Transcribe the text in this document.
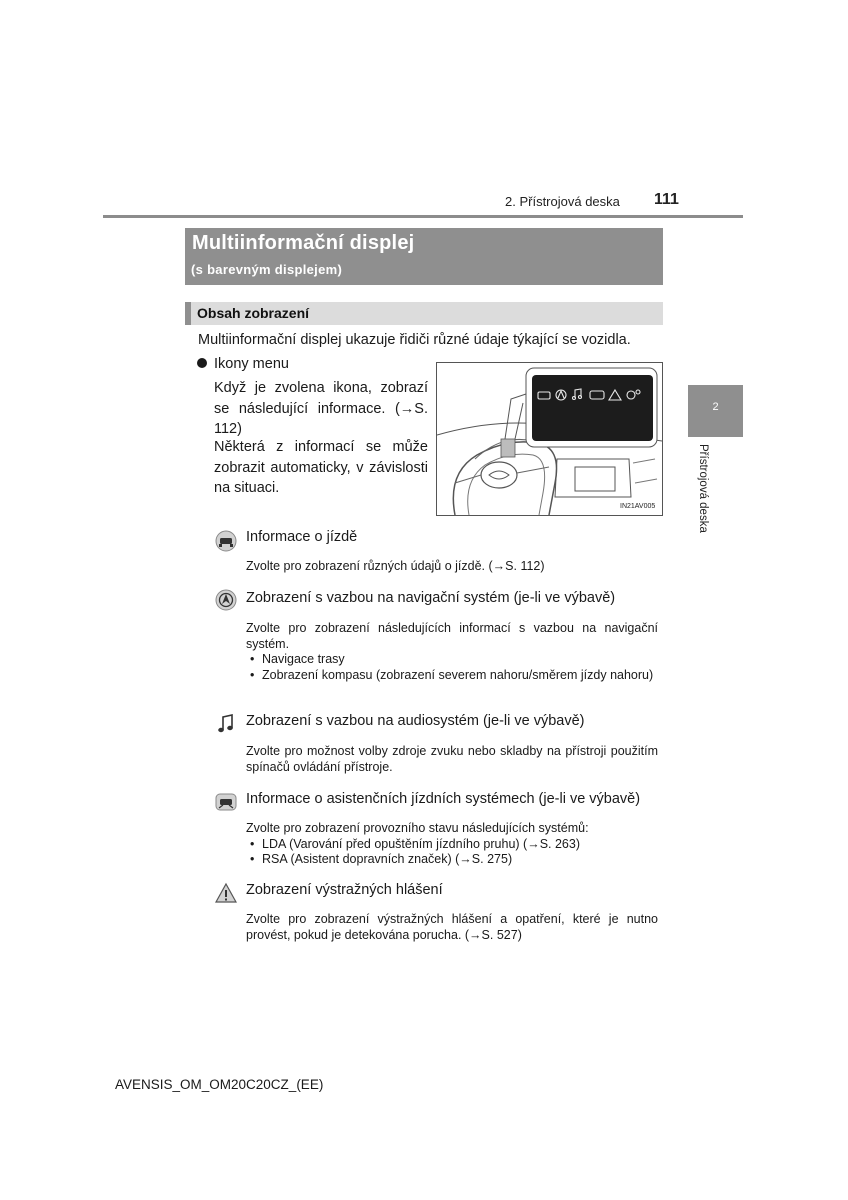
2. Přístrojová deska 111
Multiinformační displej
(s barevným displejem)
Obsah zobrazení
Multiinformační displej ukazuje řidiči různé údaje týkající se vozidla.
Ikony menu
Když je zvolena ikona, zobrazí se následující informace. (→S. 112)
Některá z informací se může zobrazit automaticky, v závislosti na situaci.
IN21AV005
2
Přístrojová deska
Informace o jízdě
Zvolte pro zobrazení různých údajů o jízdě. (→S. 112)
Zobrazení s vazbou na navigační systém (je-li ve výbavě)
Zvolte pro zobrazení následujících informací s vazbou na navigační systém.
• Navigace trasy
• Zobrazení kompasu (zobrazení severem nahoru/směrem jízdy nahoru)
Zobrazení s vazbou na audiosystém (je-li ve výbavě)
Zvolte pro možnost volby zdroje zvuku nebo skladby na přístroji použitím spínačů ovládání přístroje.
Informace o asistenčních jízdních systémech (je-li ve výbavě)
Zvolte pro zobrazení provozního stavu následujících systémů:
• LDA (Varování před opuštěním jízdního pruhu) (→S. 263)
• RSA (Asistent dopravních značek) (→S. 275)
Zobrazení výstražných hlášení
Zvolte pro zobrazení výstražných hlášení a opatření, které je nutno provést, pokud je detekována porucha. (→S. 527)
AVENSIS_OM_OM20C20CZ_(EE)
